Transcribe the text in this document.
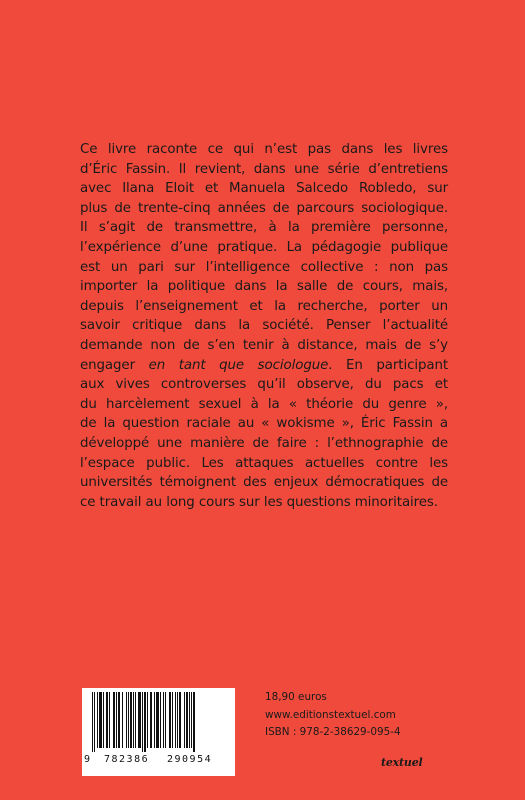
Ce livre raconte ce qui n’est pas dans les livres
d’Éric Fassin. Il revient, dans une série d’entretiens
avec Ilana Eloit et Manuela Salcedo Robledo, sur
plus de trente-cinq années de parcours sociologique.
Il s’agit de transmettre, à la première personne,
l’expérience d’une pratique. La pédagogie publique
est un pari sur l’intelligence collective : non pas
importer la politique dans la salle de cours, mais,
depuis l’enseignement et la recherche, porter un
savoir critique dans la société. Penser l’actualité
demande non de s’en tenir à distance, mais de s’y
engager en tant que sociologue. En participant
aux vives controverses qu’il observe, du pacs et
du harcèlement sexuel à la « théorie du genre »,
de la question raciale au « wokisme », Éric Fassin a
développé une manière de faire : l’ethnographie de
l’espace public. Les attaques actuelles contre les
universités témoignent des enjeux démocratiques de
ce travail au long cours sur les questions minoritaires.
9 782386 290954
18,90 euros
www.editionstextuel.com
ISBN : 978-2-38629-095-4
textuel
